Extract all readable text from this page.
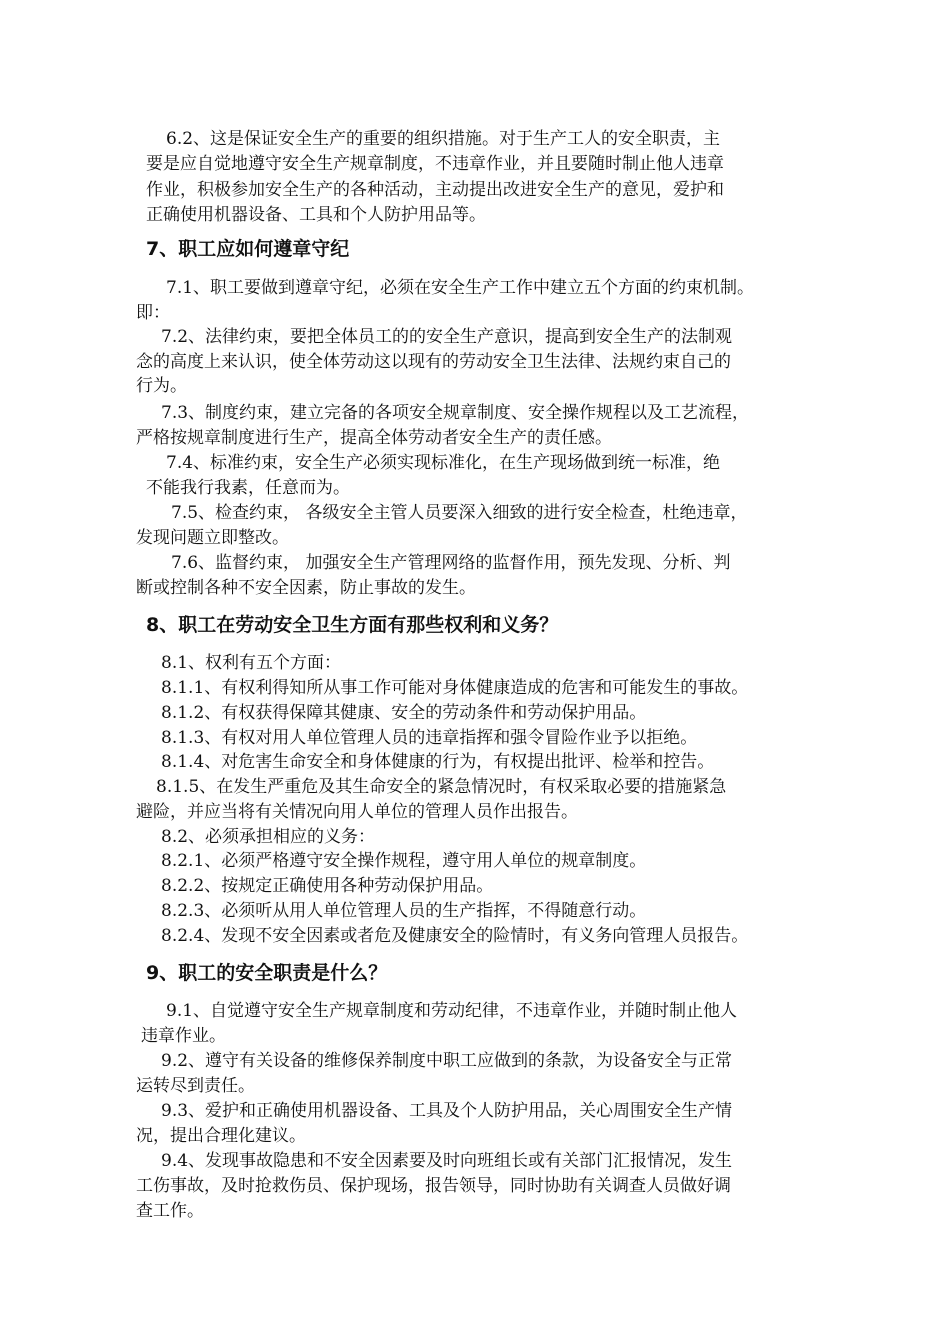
6.2、这是保证安全生产的重要的组织措施。对于生产工人的安全职责，主
要是应自觉地遵守安全生产规章制度，不违章作业，并且要随时制止他人违章
作业，积极参加安全生产的各种活动，主动提出改进安全生产的意见，爱护和
正确使用机器设备、工具和个人防护用品等。
7、职工应如何遵章守纪
7.1、职工要做到遵章守纪，必须在安全生产工作中建立五个方面的约束机制。
即：
7.2、法律约束，要把全体员工的的安全生产意识，提高到安全生产的法制观
念的高度上来认识，使全体劳动这以现有的劳动安全卫生法律、法规约束自己的
行为。
7.3、制度约束，建立完备的各项安全规章制度、安全操作规程以及工艺流程，
严格按规章制度进行生产，提高全体劳动者安全生产的责任感。
7.4、标准约束，安全生产必须实现标准化，在生产现场做到统一标准，绝
不能我行我素，任意而为。
7.5、检查约束， 各级安全主管人员要深入细致的进行安全检查，杜绝违章，
发现问题立即整改。
7.6、监督约束， 加强安全生产管理网络的监督作用，预先发现、分析、判
断或控制各种不安全因素，防止事故的发生。
8、职工在劳动安全卫生方面有那些权利和义务？
8.1、权利有五个方面：
8.1.1、有权利得知所从事工作可能对身体健康造成的危害和可能发生的事故。
8.1.2、有权获得保障其健康、安全的劳动条件和劳动保护用品。
8.1.3、有权对用人单位管理人员的违章指挥和强令冒险作业予以拒绝。
8.1.4、对危害生命安全和身体健康的行为，有权提出批评、检举和控告。
8.1.5、在发生严重危及其生命安全的紧急情况时，有权采取必要的措施紧急
避险，并应当将有关情况向用人单位的管理人员作出报告。
8.2、必须承担相应的义务：
8.2.1、必须严格遵守安全操作规程，遵守用人单位的规章制度。
8.2.2、按规定正确使用各种劳动保护用品。
8.2.3、必须听从用人单位管理人员的生产指挥，不得随意行动。
8.2.4、发现不安全因素或者危及健康安全的险情时，有义务向管理人员报告。
9、职工的安全职责是什么？
9.1、自觉遵守安全生产规章制度和劳动纪律，不违章作业，并随时制止他人
违章作业。
9.2、遵守有关设备的维修保养制度中职工应做到的条款，为设备安全与正常
运转尽到责任。
9.3、爱护和正确使用机器设备、工具及个人防护用品，关心周围安全生产情
况，提出合理化建议。
9.4、发现事故隐患和不安全因素要及时向班组长或有关部门汇报情况，发生
工伤事故，及时抢救伤员、保护现场，报告领导，同时协助有关调查人员做好调
查工作。
